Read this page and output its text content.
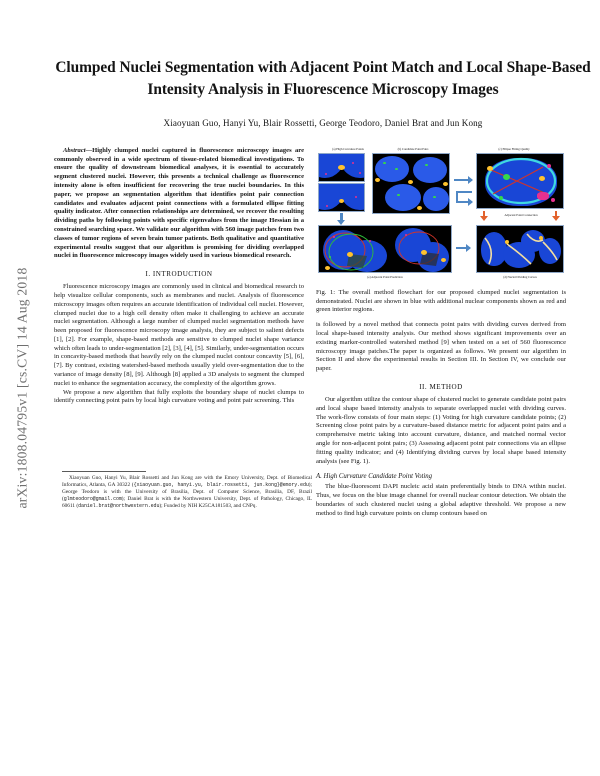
arXiv:1808.04795v1 [cs.CV] 14 Aug 2018
Clumped Nuclei Segmentation with Adjacent Point Match and Local Shape-Based Intensity Analysis in Fluorescence Microscopy Images
Xiaoyuan Guo, Hanyi Yu, Blair Rossetti, George Teodoro, Daniel Brat and Jun Kong

Abstract—Highly clumped nuclei captured in fluorescence microscopy images are commonly observed in a wide spectrum of tissue-related biomedical investigations. To ensure the quality of downstream biomedical analyses, it is essential to accurately segment clustered nuclei. However, this presents a technical challenge as fluorescence intensity alone is often insufficient for recovering the true nuclei boundaries. In this paper, we propose an segmentation algorithm that identifies point pair connection candidates and evaluates adjacent point connections with a formulated ellipse fitting quality indicator. After connection relationships are determined, we recover the resulting dividing paths by following points with specific eigenvalues from the image Hessian in a constrained searching space. We validate our algorithm with 560 image patches from two classes of tumor regions of seven brain tumor patients. Both qualitative and quantitative experimental results suggest that our algorithm is promising for dividing overlapped nuclei in fluorescence microscopy images widely used in various biomedical research.

I. INTRODUCTION

Fluorescence microscopy images are commonly used in clinical and biomedical research to help visualize cellular components, such as membranes and nuclei. Analysis of fluorescence microscopy images often requires an accurate identification of individual cell nuclei. However, clumped nuclei due to a high cell density often make it challenging to achieve an accurate nuclei segmentation. Although a large number of clumped nuclei segmentation methods have been proposed for fluorescence microscopy image analysis, they are subject to salient defects [1], [2]. For example, shape-based methods are sensitive to clumped nuclei shape variance which often leads to under-segmentation [2], [3], [4], [5]. Similarly, under-segmentation occurs in concavity-based methods that heavily rely on the clumped nuclei contour concavity [5], [6], [7]. By contrast, existing watershed-based methods usually yield over-segmentation due to the variance of image density [8], [9]. Although [8] applied a 3D analysis to segment the clumped nuclei to enhance the segmentation accuracy, the complexity of the algorithm grows.

We propose a new algorithm that fully exploits the boundary shape of nuclei clumps to identify connecting point pairs by local high curvature voting and point pair screening. This

Xiaoyuan Guo, Hanyi Yu, Blair Rossetti and Jun Kong are with the Emory University, Dept. of Biomedical Informatics, Atlanta, GA 30322 ({xiaoyuan.guo, hanyi.yu, blair.rossetti, jun.kong}@emory.edu); George Teodoro is with the University of Brasilia, Dept. of Computer Science, Brasilia, DF, Brazil (glmteodoro@gmail.com); Daniel Brat is with the Northwestern University, Dept. of Pathology, Chicago, IL 60611 (daniel.brat@northwestern.edu); Funded by NIH K25CA181503, and CNPq.

(a) High Curvature Points	(b) Candidate Point Pairs	(c) Ellipse Fitting Quality
Adjacent Point Connection
(e) Adjacent Point Prediction	(d) Nuclei Dividing Curves

Fig. 1: The overall method flowchart for our proposed clumped nuclei segmentation is demonstrated. Nuclei are shown in blue with additional nuclear components shown as red and green interior regions.

is followed by a novel method that connects point pairs with dividing curves derived from local shape-based intensity analysis. Our method shows significant improvements over an existing marker-controlled watershed method [9] when tested on a set of 560 fluorescence microscopy image patches.The paper is organized as follows. We present our algorithm in Section II and show the experimental results in Section III. In Section IV, we conclude our paper.

II. METHOD

Our algorithm utilize the contour shape of clustered nuclei to generate candidate point pairs and local shape based intensity analysis to separate overlapped nuclei with dividing curves. The work-flow consists of four main steps: (1) Voting for high curvature candidate points; (2) Screening close point pairs by a curvature-based distance metric for adjacent point pairs and a comprehensive metric taking into account curvature, distance, and matched normal vector angle for non-adjacent point pairs; (3) Assessing adjacent point pair connections via an ellipse fitting quality indicator; and (4) Identifying dividing curves by local shape based intensity analysis (see Fig. 1).

A. High Curvature Candidate Point Voting

The blue-fluorescent DAPI nucleic acid stain preferentially binds to DNA within nuclei. Thus, we focus on the blue image channel for overall nuclear contour detection. We obtain the boundaries of such clustered nuclei using a global adaptive threshold. We propose a new method to find high curvature points on clump contours based on
